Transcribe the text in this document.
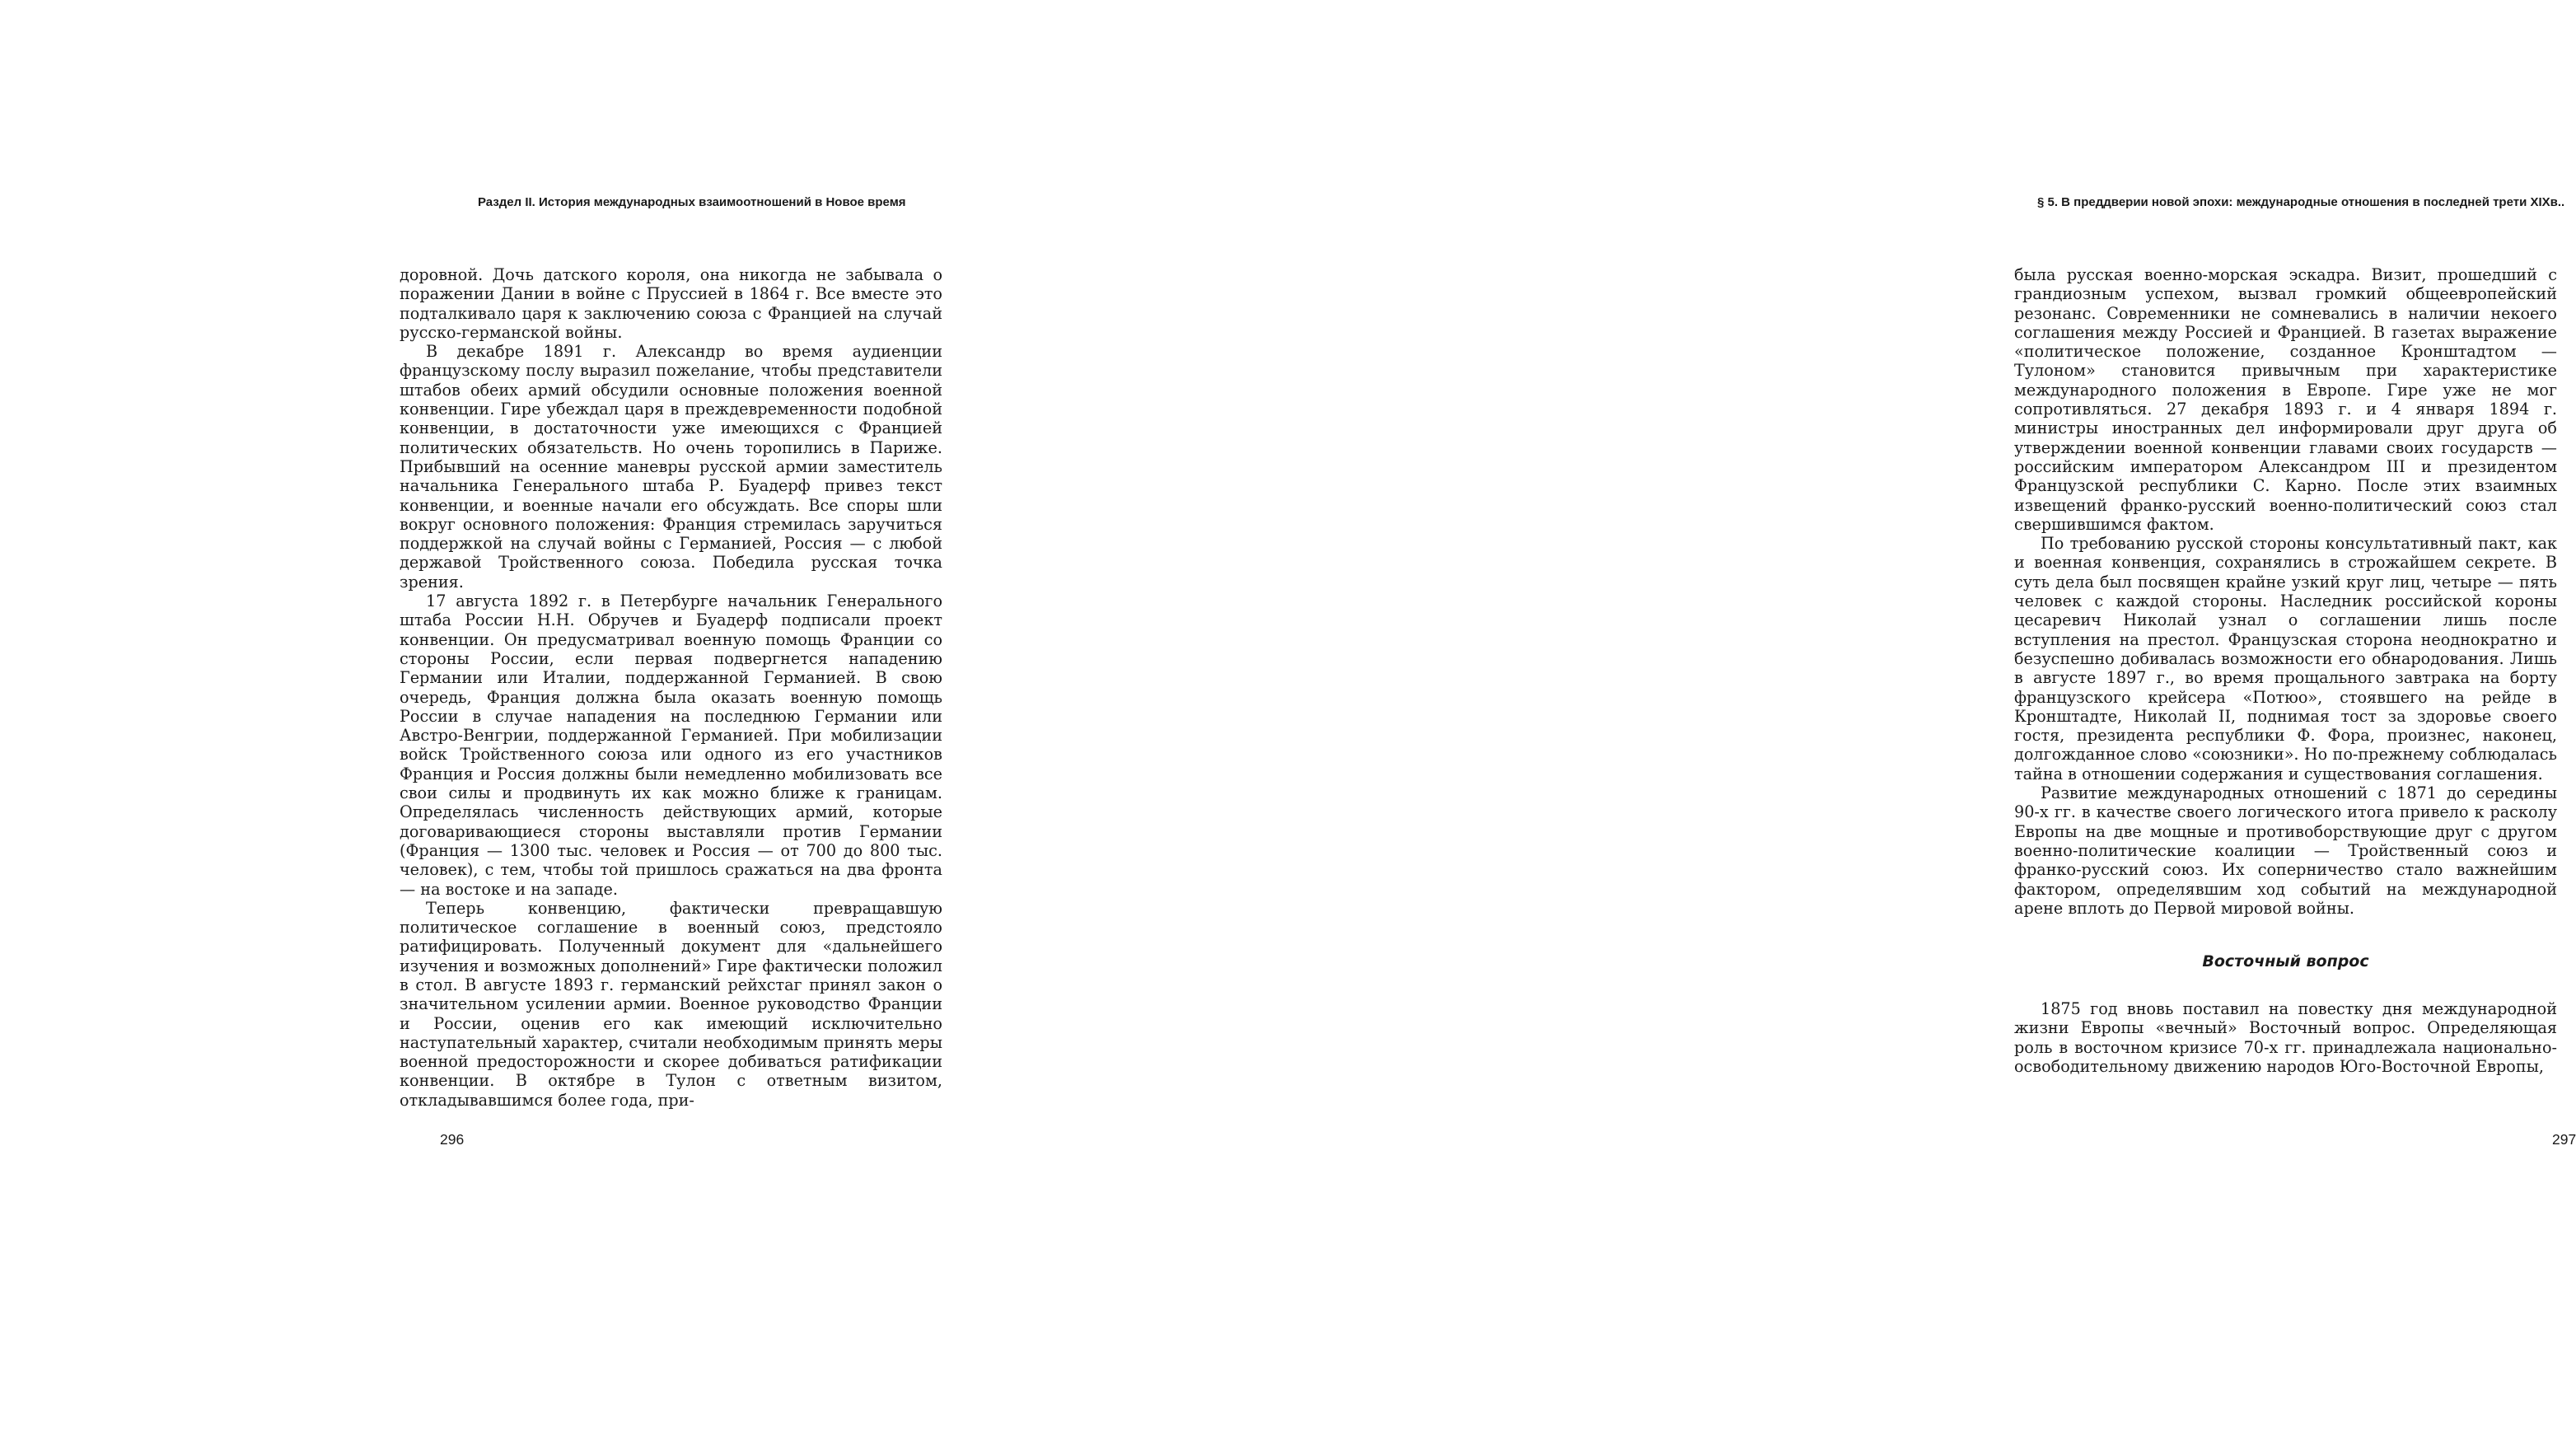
Раздел II. История международных взаимоотношений в Новое время

доровной. Дочь датского короля, она никогда не забывала о поражении Дании в войне с Пруссией в 1864 г. Все вместе это подталкивало царя к заключению союза с Францией на случай русско-германской войны.

В декабре 1891 г. Александр во время аудиенции французскому послу выразил пожелание, чтобы представители штабов обеих армий обсудили основные положения военной конвенции. Гире убеждал царя в преждевременности подобной конвенции, в достаточности уже имеющихся с Францией политических обязательств. Но очень торопились в Париже. Прибывший на осенние маневры русской армии заместитель начальника Генерального штаба Р. Буадерф привез текст конвенции, и военные начали его обсуждать. Все споры шли вокруг основного положения: Франция стремилась заручиться поддержкой на случай войны с Германией, Россия — с любой державой Тройственного союза. Победила русская точка зрения.

17 августа 1892 г. в Петербурге начальник Генерального штаба России Н.Н. Обручев и Буадерф подписали проект конвенции. Он предусматривал военную помощь Франции со стороны России, если первая подвергнется нападению Германии или Италии, поддержанной Германией. В свою очередь, Франция должна была оказать военную помощь России в случае нападения на последнюю Германии или Австро-Венгрии, поддержанной Германией. При мобилизации войск Тройственного союза или одного из его участников Франция и Россия должны были немедленно мобилизовать все свои силы и продвинуть их как можно ближе к границам. Определялась численность действующих армий, которые договаривающиеся стороны выставляли против Германии (Франция — 1300 тыс. человек и Россия — от 700 до 800 тыс. человек), с тем, чтобы той пришлось сражаться на два фронта — на востоке и на западе.

Теперь конвенцию, фактически превращавшую политическое соглашение в военный союз, предстояло ратифицировать. Полученный документ для «дальнейшего изучения и возможных дополнений» Гире фактически положил в стол. В августе 1893 г. германский рейхстаг принял закон о значительном усилении армии. Военное руководство Франции и России, оценив его как имеющий исключительно наступательный характер, считали необходимым принять меры военной предосторожности и скорее добиваться ратификации конвенции. В октябре в Тулон с ответным визитом, откладывавшимся более года, при-

296
§ 5. В преддверии новой эпохи: международные отношения в последней трети XIXв..

была русская военно-морская эскадра. Визит, прошедший с грандиозным успехом, вызвал громкий общеевропейский резонанс. Современники не сомневались в наличии некоего соглашения между Россией и Францией. В газетах выражение «политическое положение, созданное Кронштадтом — Тулоном» становится привычным при характеристике международного положения в Европе. Гире уже не мог сопротивляться. 27 декабря 1893 г. и 4 января 1894 г. министры иностранных дел информировали друг друга об утверждении военной конвенции главами своих государств — российским императором Александром III и президентом Французской республики С. Карно. После этих взаимных извещений франко-русский военно-политический союз стал свершившимся фактом.

По требованию русской стороны консультативный пакт, как и военная конвенция, сохранялись в строжайшем секрете. В суть дела был посвящен крайне узкий круг лиц, четыре — пять человек с каждой стороны. Наследник российской короны цесаревич Николай узнал о соглашении лишь после вступления на престол. Французская сторона неоднократно и безуспешно добивалась возможности его обнародования. Лишь в августе 1897 г., во время прощального завтрака на борту французского крейсера «Потюо», стоявшего на рейде в Кронштадте, Николай II, поднимая тост за здоровье своего гостя, президента республики Ф. Фора, произнес, наконец, долгожданное слово «союзники». Но по-прежнему соблюдалась тайна в отношении содержания и существования соглашения.

Развитие международных отношений с 1871 до середины 90-х гг. в качестве своего логического итога привело к расколу Европы на две мощные и противоборствующие друг с другом военно-политические коалиции — Тройственный союз и франко-русский союз. Их соперничество стало важнейшим фактором, определявшим ход событий на международной арене вплоть до Первой мировой войны.

Восточный вопрос

1875 год вновь поставил на повестку дня международной жизни Европы «вечный» Восточный вопрос. Определяющая роль в восточном кризисе 70-х гг. принадлежала национально-освободительному движению народов Юго-Восточной Европы,

297
